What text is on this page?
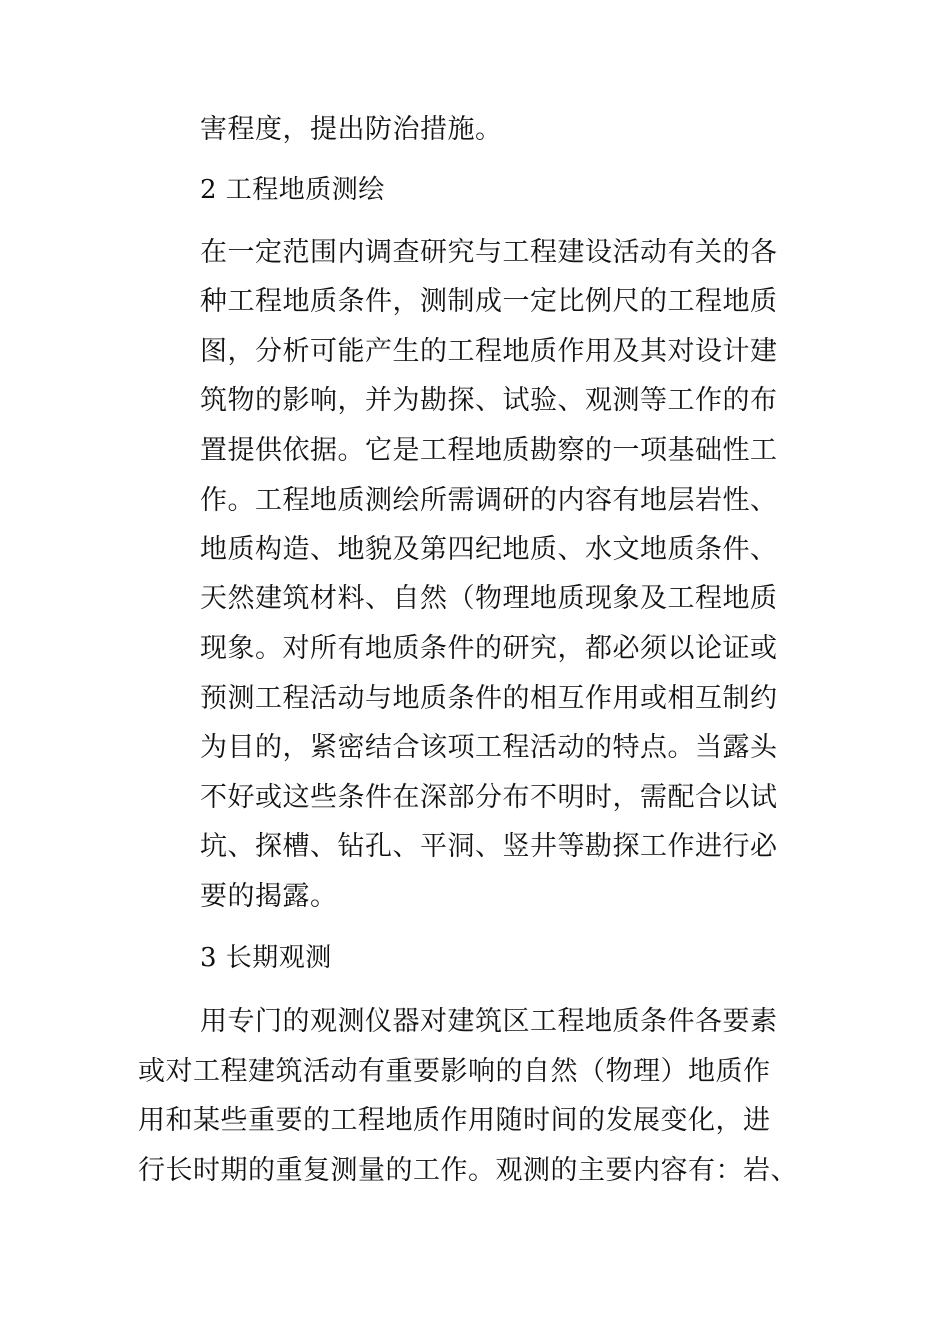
害程度，提出防治措施。
2 工程地质测绘
在一定范围内调查研究与工程建设活动有关的各
种工程地质条件，测制成一定比例尺的工程地质
图，分析可能产生的工程地质作用及其对设计建
筑物的影响，并为勘探、试验、观测等工作的布
置提供依据。它是工程地质勘察的一项基础性工
作。工程地质测绘所需调研的内容有地层岩性、
地质构造、地貌及第四纪地质、水文地质条件、
天然建筑材料、自然（物理地质现象及工程地质
现象。对所有地质条件的研究，都必须以论证或
预测工程活动与地质条件的相互作用或相互制约
为目的，紧密结合该项工程活动的特点。当露头
不好或这些条件在深部分布不明时，需配合以试
坑、探槽、钻孔、平洞、竖井等勘探工作进行必
要的揭露。
3 长期观测
用专门的观测仪器对建筑区工程地质条件各要素
或对工程建筑活动有重要影响的自然（物理）地质作
用和某些重要的工程地质作用随时间的发展变化，进
行长时期的重复测量的工作。观测的主要内容有：岩、
